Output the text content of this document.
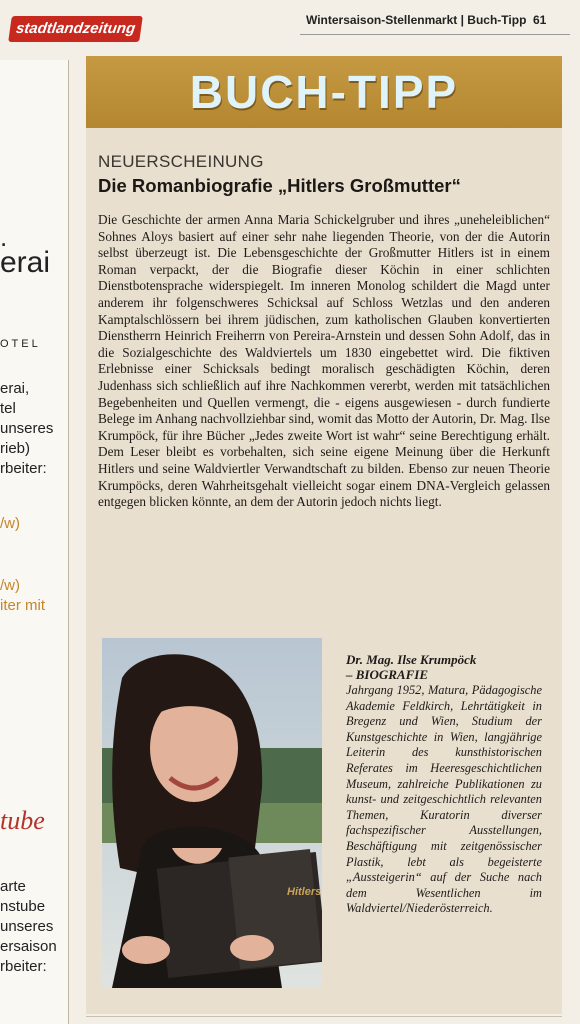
stadtlandzeitung	Wintersaison-Stellenmarkt | Buch-Tipp 61
.
erai
OTEL
erai,
tel
unseres
rieb)
rbeiter:
/w)
/w)
iter mit
tube
arte
nstube
unseres
ersaison
rbeiter:
BUCH-TIPP
NEUERSCHEINUNG
Die Romanbiografie „Hitlers Großmutter“
Die Geschichte der armen Anna Maria Schickelgruber und ihres „uneheleiblichen“ Sohnes Aloys basiert auf einer sehr nahe liegenden Theorie, von der die Autorin selbst überzeugt ist. Die Lebensgeschichte der Großmutter Hitlers ist in einem Roman verpackt, der die Biografie dieser Köchin in einer schlichten Dienstbotensprache widerspiegelt. Im inneren Monolog schildert die Magd unter anderem ihr folgenschweres Schicksal auf Schloss Wetzlas und den anderen Kamptalschlössern bei ihrem jüdischen, zum katholischen Glauben konvertierten Dienstherrn Heinrich Freiherrn von Pereira-Arnstein und dessen Sohn Adolf, das in die Sozialgeschichte des Waldviertels um 1830 eingebettet wird. Die fiktiven Erlebnisse einer Schicksals bedingt moralisch geschädigten Köchin, deren Judenhass sich schließlich auf ihre Nachkommen vererbt, werden mit tatsächlichen Begebenheiten und Quellen vermengt, die - eigens ausgewiesen - durch fundierte Belege im Anhang nachvollziehbar sind, womit das Motto der Autorin, Dr. Mag. Ilse Krumpöck, für ihre Bücher „Jedes zweite Wort ist wahr“ seine Berechtigung erhält. Dem Leser bleibt es vorbehalten, sich seine eigene Meinung über die Herkunft Hitlers und seine Waldviertler Verwandtschaft zu bilden. Ebenso zur neuen Theorie Krumpöcks, deren Wahrheitsgehalt vielleicht sogar einem DNA-Vergleich gelassen entgegen blicken könnte, an dem der Autorin jedoch nichts liegt.
Hitlers
Dr. Mag. Ilse Krumpöck
– BIOGRAFIE
Jahrgang 1952, Matura, Pädagogische Akademie Feldkirch, Lehrtätigkeit in Bregenz und Wien, Studium der Kunstgeschichte in Wien, langjährige Leiterin des kunsthistorischen Referates im Heeresgeschichtlichen Museum, zahlreiche Publikationen zu kunst- und zeitgeschichtlich relevanten Themen, Kuratorin diverser fachspezifischer Ausstellungen, Beschäftigung mit zeitgenössischer Plastik, lebt als begeisterte „Aussteigerin“ auf der Suche nach dem Wesentlichen im Waldviertel/Niederösterreich.
